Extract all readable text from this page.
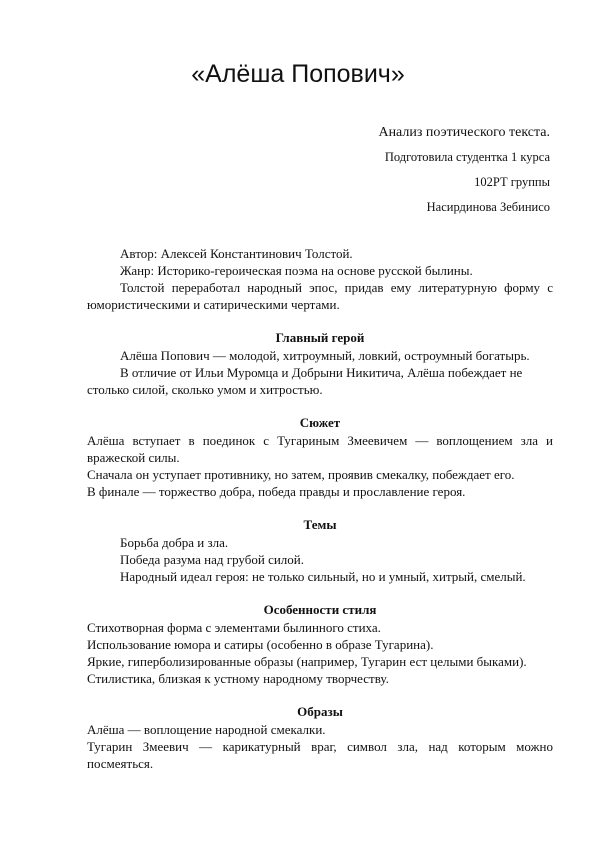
«Алёша Попович»
Анализ поэтического текста.
Подготовила студентка 1 курса
102РТ группы
Насирдинова Зебинисо

Автор: Алексей Константинович Толстой.

Жанр: Историко-героическая поэма на основе русской былины.

Толстой переработал народный эпос, придав ему литературную форму с юмористическими и сатирическими чертами.

Главный герой

Алёша Попович — молодой, хитроумный, ловкий, остроумный богатырь.

В отличие от Ильи Муромца и Добрыни Никитича, Алёша побеждает не столько силой, сколько умом и хитростью.

Сюжет

Алёша вступает в поединок с Тугариным Змеевичем — воплощением зла и вражеской силы.

Сначала он уступает противнику, но затем, проявив смекалку, побеждает его.

В финале — торжество добра, победа правды и прославление героя.

Темы

Борьба добра и зла.

Победа разума над грубой силой.

Народный идеал героя: не только сильный, но и умный, хитрый, смелый.

Особенности стиля

Стихотворная форма с элементами былинного стиха.

Использование юмора и сатиры (особенно в образе Тугарина).

Яркие, гиперболизированные образы (например, Тугарин ест целыми быками).

Стилистика, близкая к устному народному творчеству.

Образы

Алёша — воплощение народной смекалки.

Тугарин Змеевич — карикатурный враг, символ зла, над которым можно посмеяться.
